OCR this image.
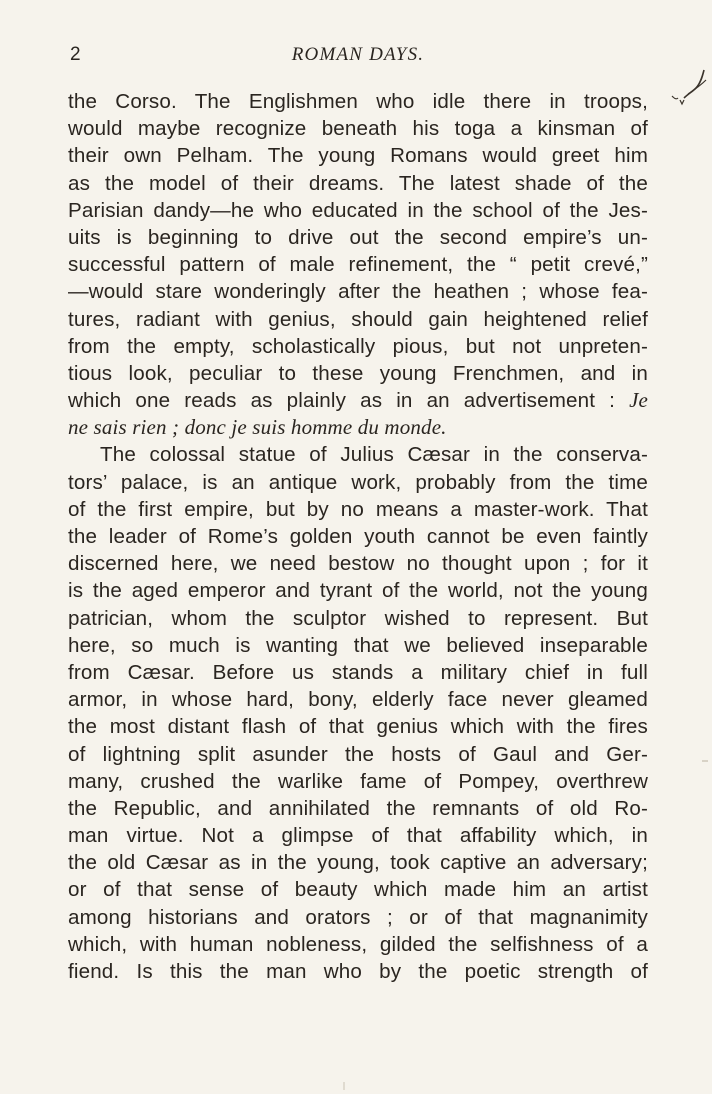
2	ROMAN DAYS.
the Corso. The Englishmen who idle there in troops,
would maybe recognize beneath his toga a kinsman of
their own Pelham. The young Romans would greet him
as the model of their dreams. The latest shade of the
Parisian dandy—he who educated in the school of the Jes-
uits is beginning to drive out the second empire’s un-
successful pattern of male refinement, the “ petit crevé,”
—would stare wonderingly after the heathen ; whose fea-
tures, radiant with genius, should gain heightened relief
from the empty, scholastically pious, but not unpreten-
tious look, peculiar to these young Frenchmen, and in
which one reads as plainly as in an advertisement : Je
ne sais rien ; donc je suis homme du monde.
The colossal statue of Julius Cæsar in the conserva-
tors’ palace, is an antique work, probably from the time
of the first empire, but by no means a master-work. That
the leader of Rome’s golden youth cannot be even faintly
discerned here, we need bestow no thought upon ; for it
is the aged emperor and tyrant of the world, not the young
patrician, whom the sculptor wished to represent. But
here, so much is wanting that we believed inseparable
from Cæsar. Before us stands a military chief in full
armor, in whose hard, bony, elderly face never gleamed
the most distant flash of that genius which with the fires
of lightning split asunder the hosts of Gaul and Ger-
many, crushed the warlike fame of Pompey, overthrew
the Republic, and annihilated the remnants of old Ro-
man virtue. Not a glimpse of that affability which, in
the old Cæsar as in the young, took captive an adversary;
or of that sense of beauty which made him an artist
among historians and orators ; or of that magnanimity
which, with human nobleness, gilded the selfishness of a
fiend. Is this the man who by the poetic strength of
